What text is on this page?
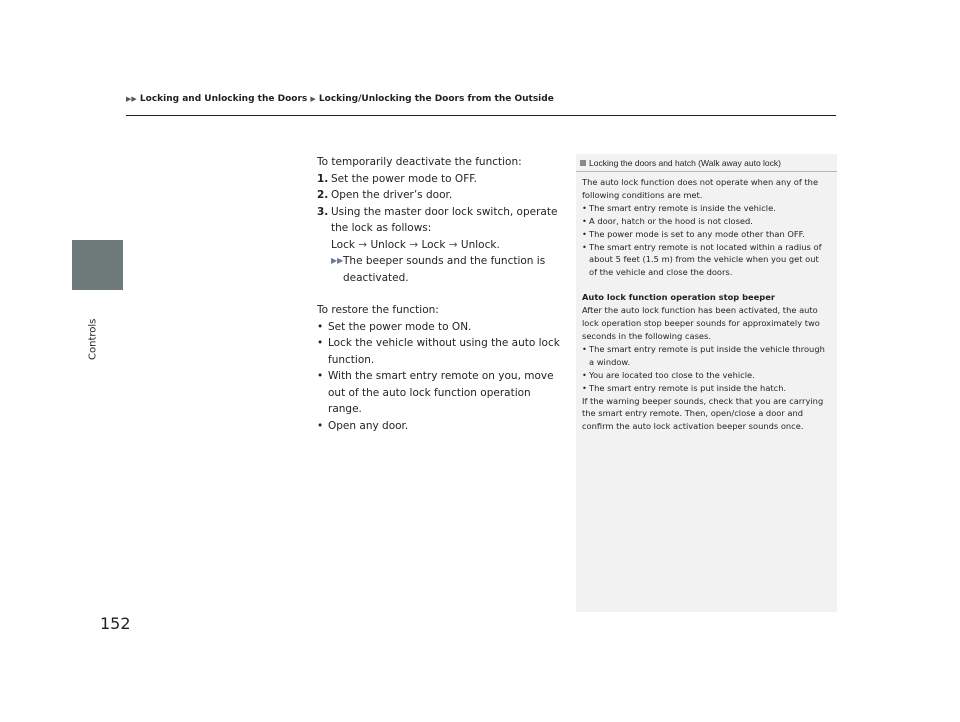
▶▶ Locking and Unlocking the Doors ▶ Locking/Unlocking the Doors from the Outside
Controls
152

To temporarily deactivate the function:

1. Set the power mode to OFF.
2. Open the driver’s door.
3. Using the master door lock switch, operate the lock as follows:
Lock → Unlock → Lock → Unlock.
▶▶ The beeper sounds and the function is deactivated.

To restore the function:

• Set the power mode to ON.
• Lock the vehicle without using the auto lock function.
• With the smart entry remote on you, move out of the auto lock function operation range.
• Open any door.
Locking the doors and hatch (Walk away auto lock)

The auto lock function does not operate when any of the following conditions are met.

• The smart entry remote is inside the vehicle.
• A door, hatch or the hood is not closed.
• The power mode is set to any mode other than OFF.
• The smart entry remote is not located within a radius of about 5 feet (1.5 m) from the vehicle when you get out of the vehicle and close the doors.

Auto lock function operation stop beeper

After the auto lock function has been activated, the auto lock operation stop beeper sounds for approximately two seconds in the following cases.

• The smart entry remote is put inside the vehicle through a window.
• You are located too close to the vehicle.
• The smart entry remote is put inside the hatch.

If the warning beeper sounds, check that you are carrying the smart entry remote. Then, open/close a door and confirm the auto lock activation beeper sounds once.
